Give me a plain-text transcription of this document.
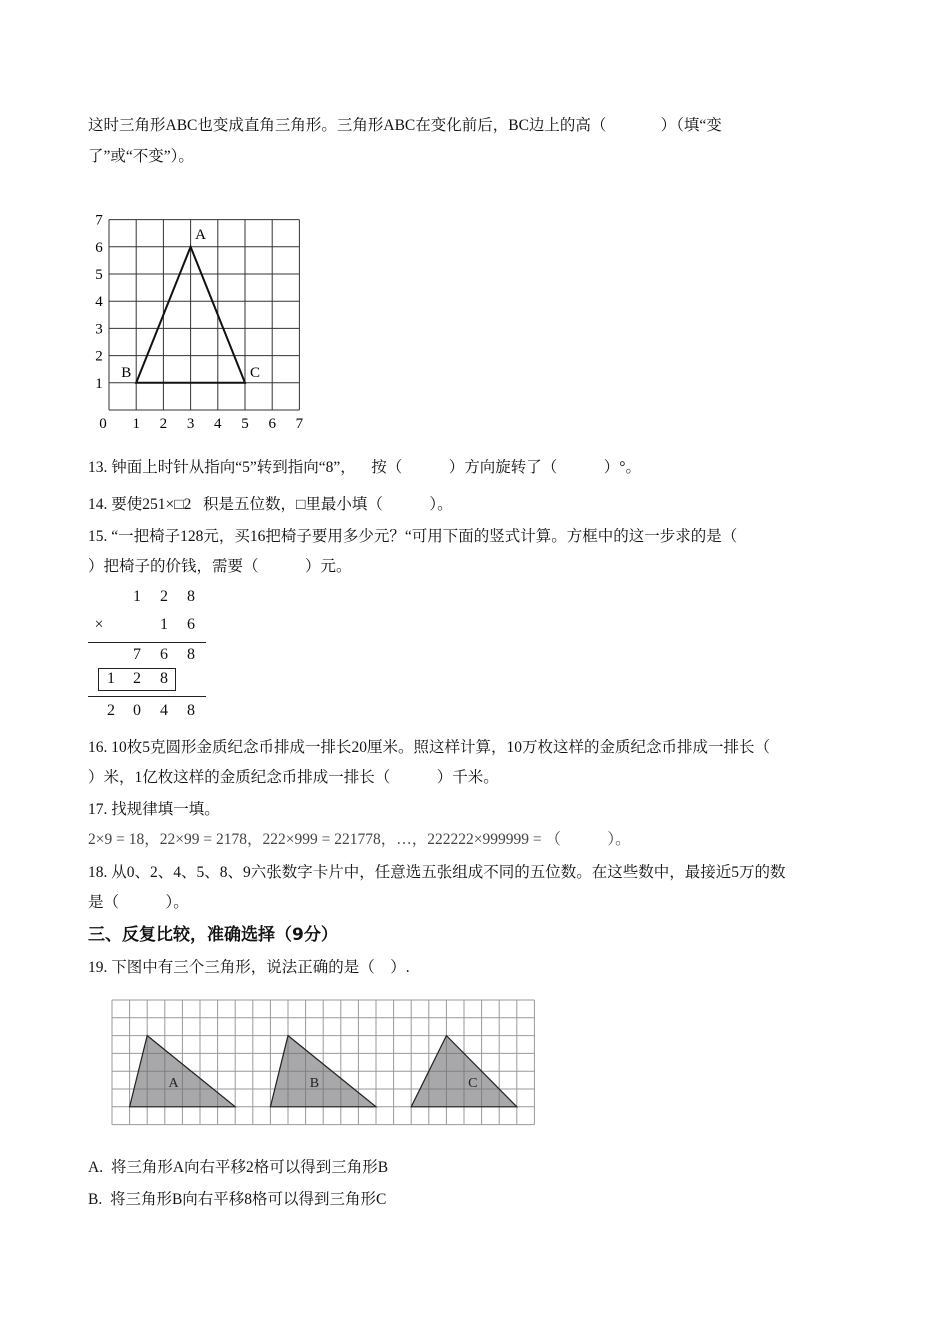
这时三角形ABC也变成直角三角形。三角形ABC在变化前后，BC边上的高（              ）（填“变
了”或“不变”）。
0 1 2 3 4 5 6 7
1
2
3
4
5
6
7
A
B	C
13. 钟面上时针从指向“5”转到指向“8”，    按（            ）方向旋转了（            ）°。
14. 要使251×□2   积是五位数，□里最小填（            ）。
15. “一把椅子128元，买16把椅子要用多少元？“可用下面的竖式计算。方框中的这一步求的是（
）把椅子的价钱，需要（            ）元。
1	2	8
×	1	6
7	6	8
1	2	8
2	0	4	8
16. 10枚5克圆形金质纪念币排成一排长20厘米。照这样计算，10万枚这样的金质纪念币排成一排长（
）米，1亿枚这样的金质纪念币排成一排长（            ）千米。
17. 找规律填一填。
2×9 = 18，22×99 = 2178，222×999 = 221778，…，222222×999999 = （            ）。
18. 从0、2、4、5、8、9六张数字卡片中，任意选五张组成不同的五位数。在这些数中，最接近5万的数
是（            ）。
三、反复比较，准确选择（9分）
19. 下图中有三个三角形，说法正确的是（    ）.
A	B	C
A.  将三角形A向右平移2格可以得到三角形B
B.  将三角形B向右平移8格可以得到三角形C
